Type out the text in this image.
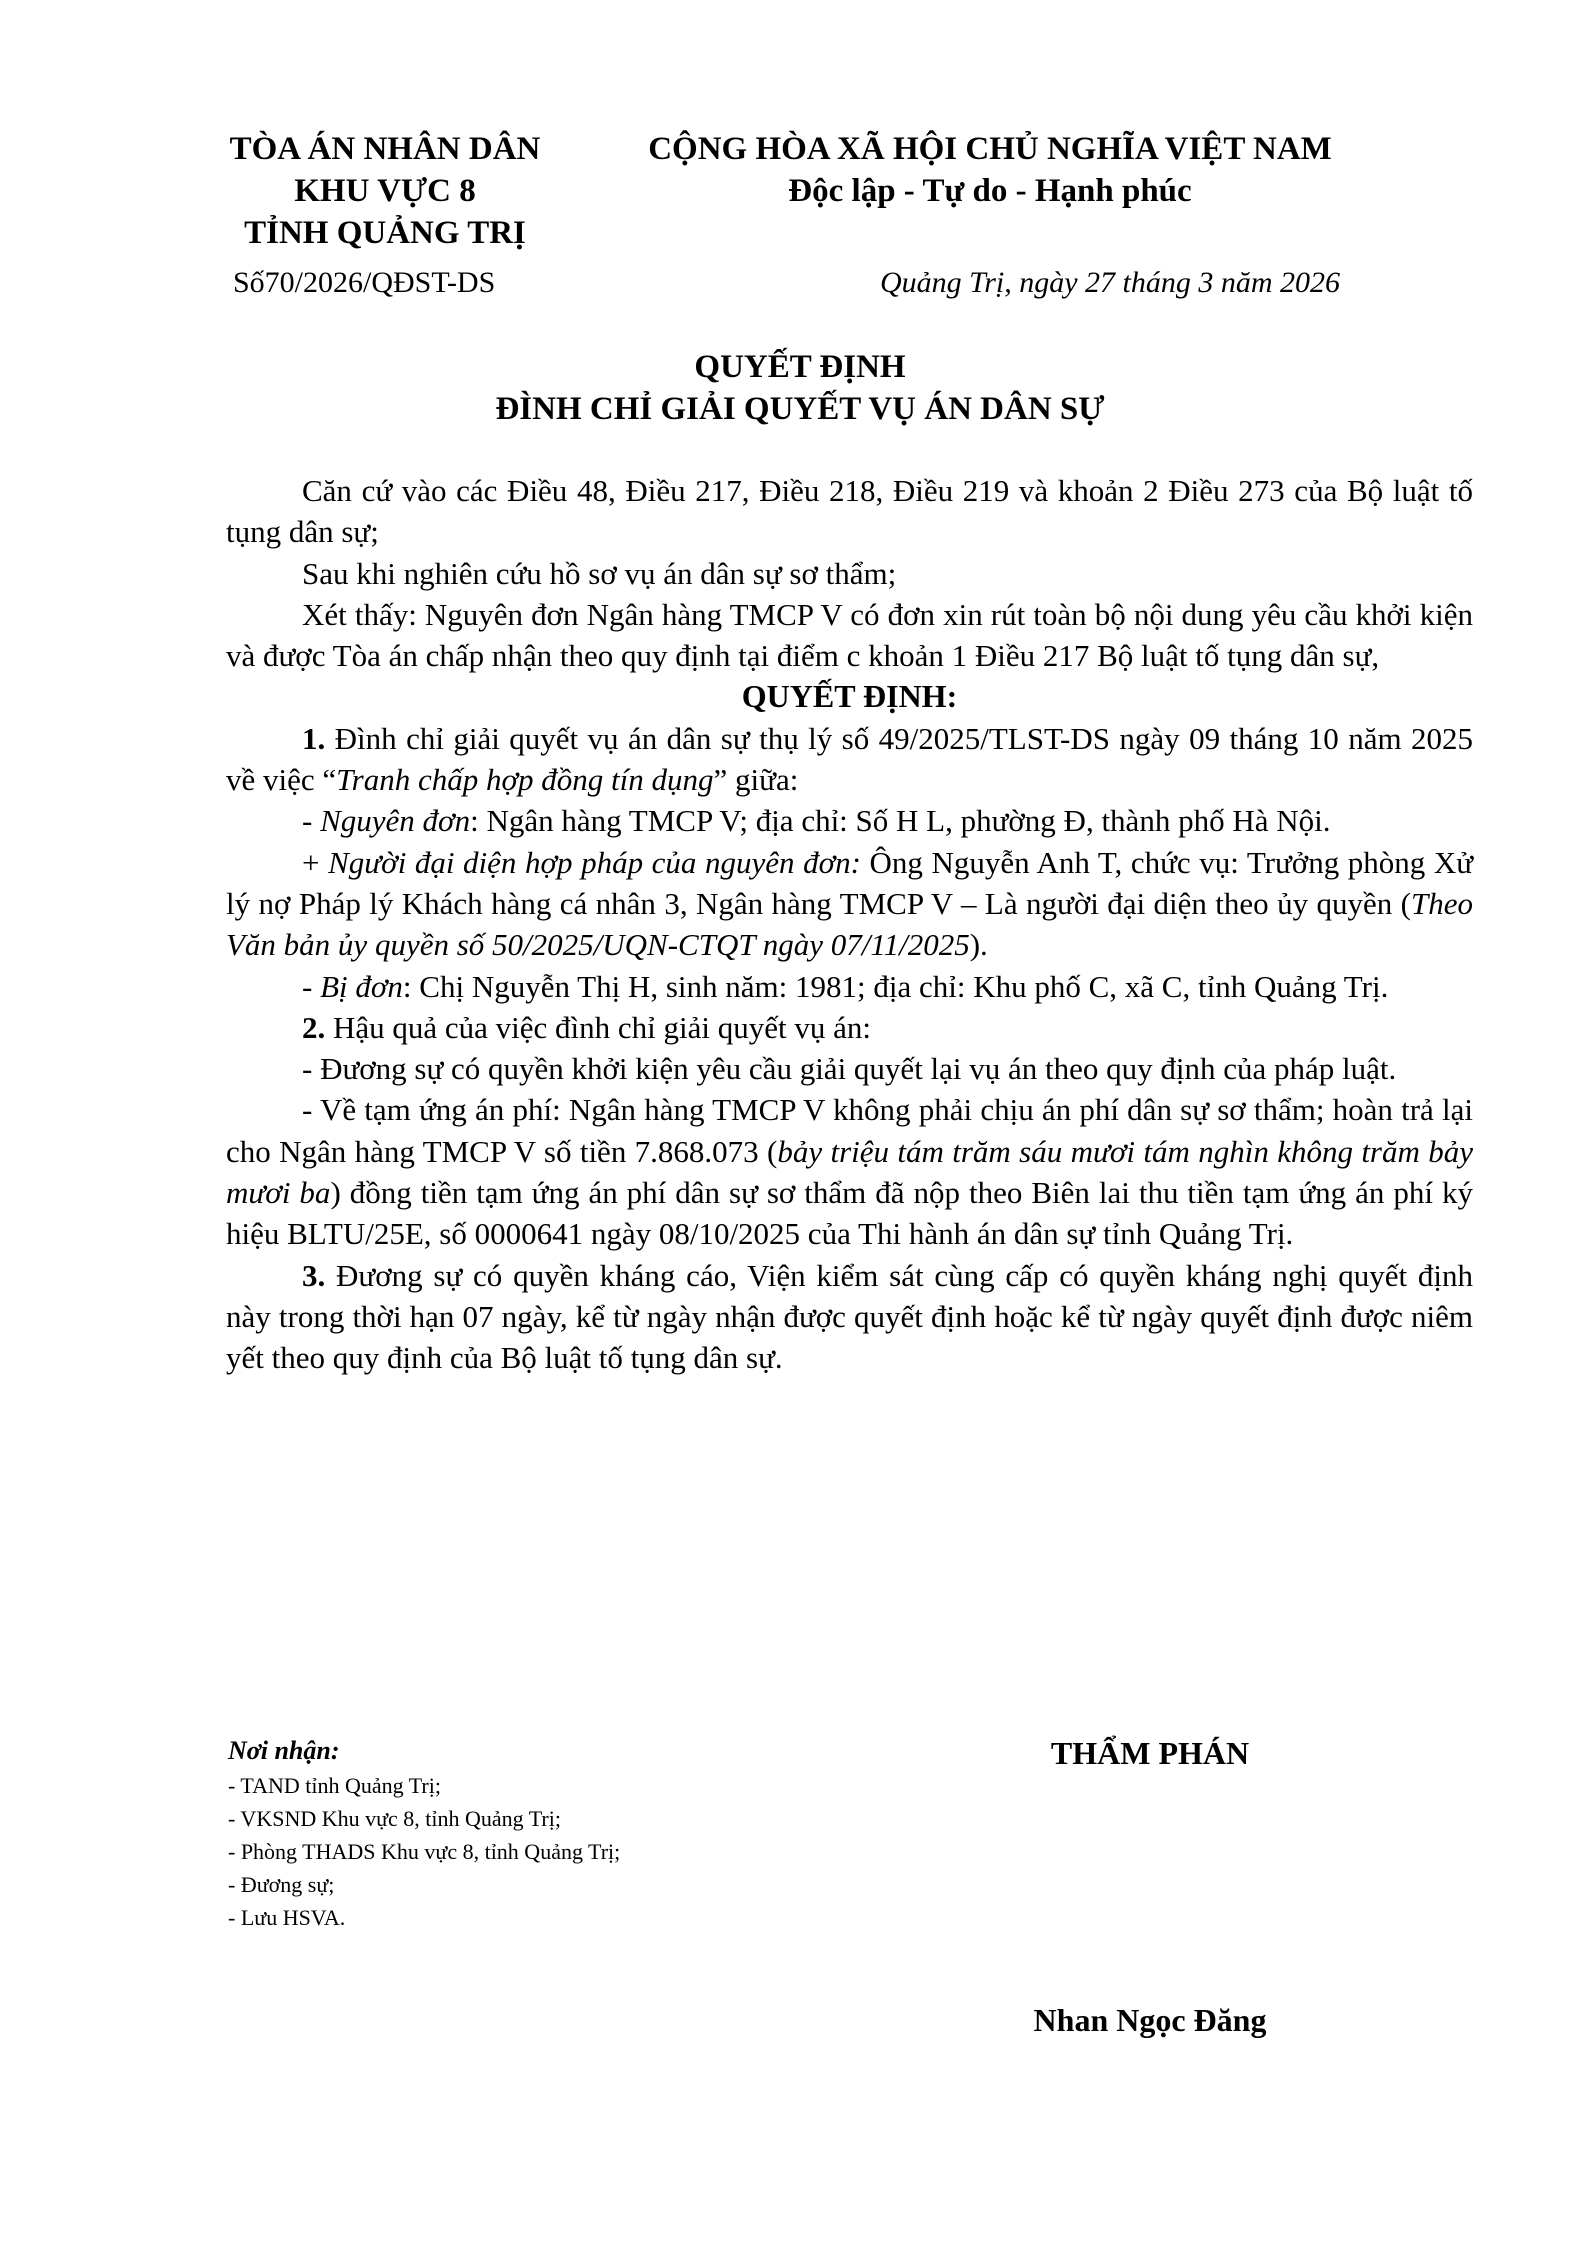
TÒA ÁN NHÂN DÂN
KHU VỰC 8
TỈNH QUẢNG TRỊ
Số70/2026/QĐST-DS
CỘNG HÒA XÃ HỘI CHỦ NGHĨA VIỆT NAM
Độc lập - Tự do - Hạnh phúc
Quảng Trị, ngày 27 tháng 3 năm 2026
QUYẾT ĐỊNH
ĐÌNH CHỈ GIẢI QUYẾT VỤ ÁN DÂN SỰ

Căn cứ vào các Điều 48, Điều 217, Điều 218, Điều 219 và khoản 2 Điều 273 của Bộ luật tố tụng dân sự;

Sau khi nghiên cứu hồ sơ vụ án dân sự sơ thẩm;

Xét thấy: Nguyên đơn Ngân hàng TMCP V có đơn xin rút toàn bộ nội dung yêu cầu khởi kiện và được Tòa án chấp nhận theo quy định tại điểm c khoản 1 Điều 217 Bộ luật tố tụng dân sự,

QUYẾT ĐỊNH:

1. Đình chỉ giải quyết vụ án dân sự thụ lý số 49/2025/TLST-DS ngày 09 tháng 10 năm 2025 về việc “Tranh chấp hợp đồng tín dụng” giữa:

- Nguyên đơn: Ngân hàng TMCP V; địa chỉ: Số H L, phường Đ, thành phố Hà Nội.

+ Người đại diện hợp pháp của nguyên đơn: Ông Nguyễn Anh T, chức vụ: Trưởng phòng Xử lý nợ Pháp lý Khách hàng cá nhân 3, Ngân hàng TMCP V – Là người đại diện theo ủy quyền (Theo Văn bản ủy quyền số 50/2025/UQN-CTQT ngày 07/11/2025).

- Bị đơn: Chị Nguyễn Thị H, sinh năm: 1981; địa chỉ: Khu phố C, xã C, tỉnh Quảng Trị.

2. Hậu quả của việc đình chỉ giải quyết vụ án:

- Đương sự có quyền khởi kiện yêu cầu giải quyết lại vụ án theo quy định của pháp luật.

- Về tạm ứng án phí: Ngân hàng TMCP V không phải chịu án phí dân sự sơ thẩm; hoàn trả lại cho Ngân hàng TMCP V số tiền 7.868.073 (bảy triệu tám trăm sáu mươi tám nghìn không trăm bảy mươi ba) đồng tiền tạm ứng án phí dân sự sơ thẩm đã nộp theo Biên lai thu tiền tạm ứng án phí ký hiệu BLTU/25E, số 0000641 ngày 08/10/2025 của Thi hành án dân sự tỉnh Quảng Trị.

3. Đương sự có quyền kháng cáo, Viện kiểm sát cùng cấp có quyền kháng nghị quyết định này trong thời hạn 07 ngày, kể từ ngày nhận được quyết định hoặc kể từ ngày quyết định được niêm yết theo quy định của Bộ luật tố tụng dân sự.

Nơi nhận:
- TAND tỉnh Quảng Trị;
- VKSND Khu vực 8, tỉnh Quảng Trị;
- Phòng THADS Khu vực 8, tỉnh Quảng Trị;
- Đương sự;
- Lưu HSVA.
THẨM PHÁN
Nhan Ngọc Đăng
